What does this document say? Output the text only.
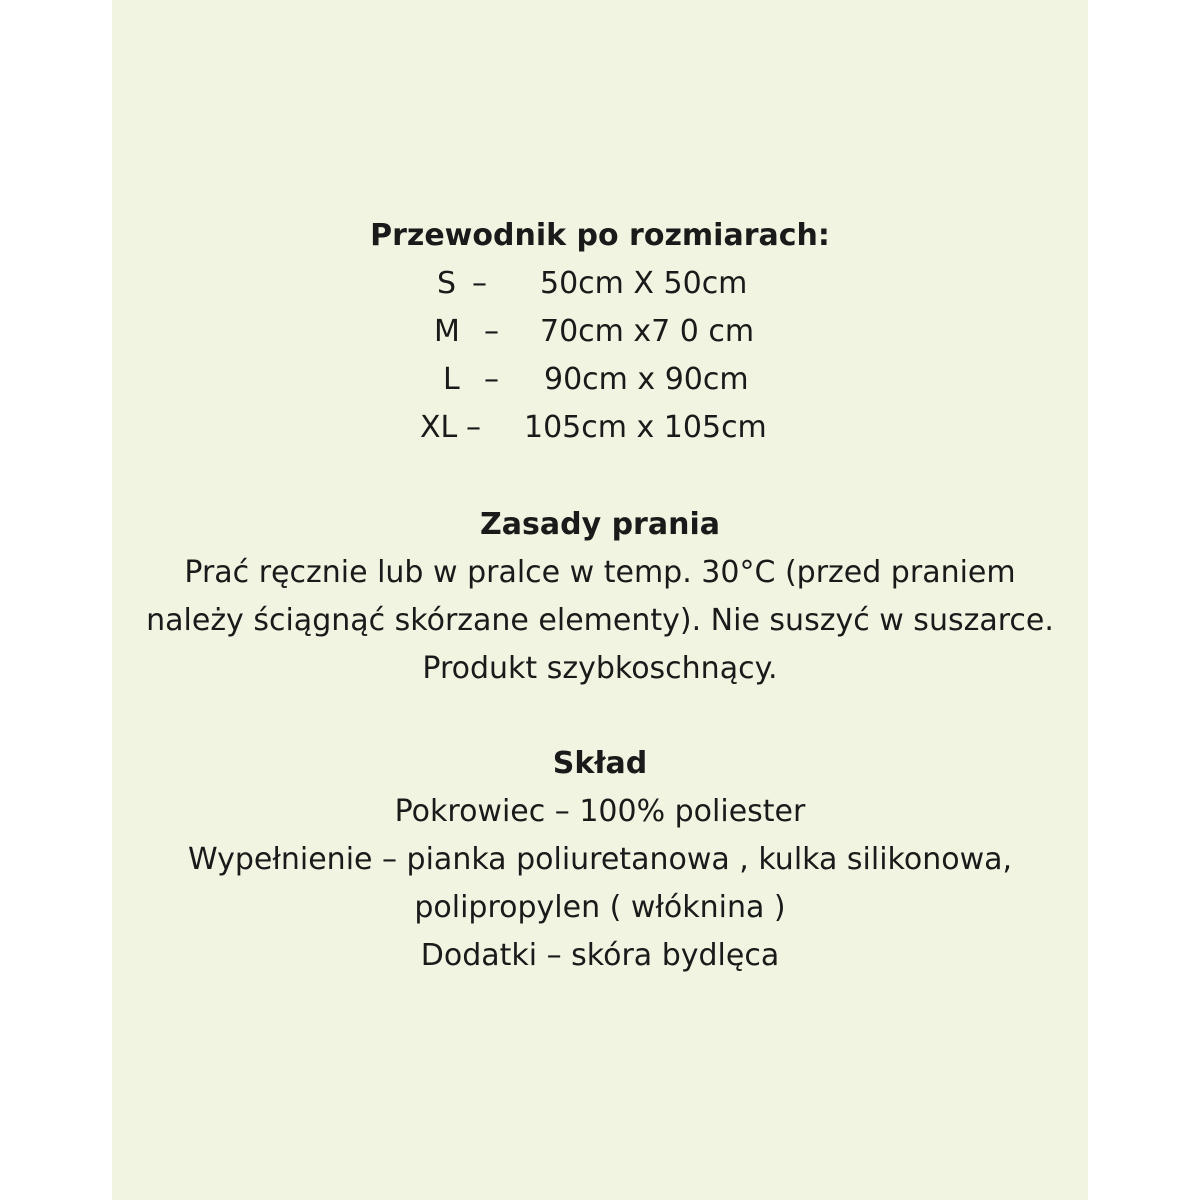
Przewodnik po rozmiarach:
S – 50cm X 50cm
M – 70cm x7 0 cm
L – 90cm x 90cm
XL – 105cm x 105cm
Zasady prania
Prać ręcznie lub w pralce w temp. 30°C (przed praniem
należy ściągnąć skórzane elementy). Nie suszyć w suszarce.
Produkt szybkoschnący.
Skład
Pokrowiec – 100% poliester
Wypełnienie – pianka poliuretanowa , kulka silikonowa,
polipropylen ( włóknina )
Dodatki – skóra bydlęca
